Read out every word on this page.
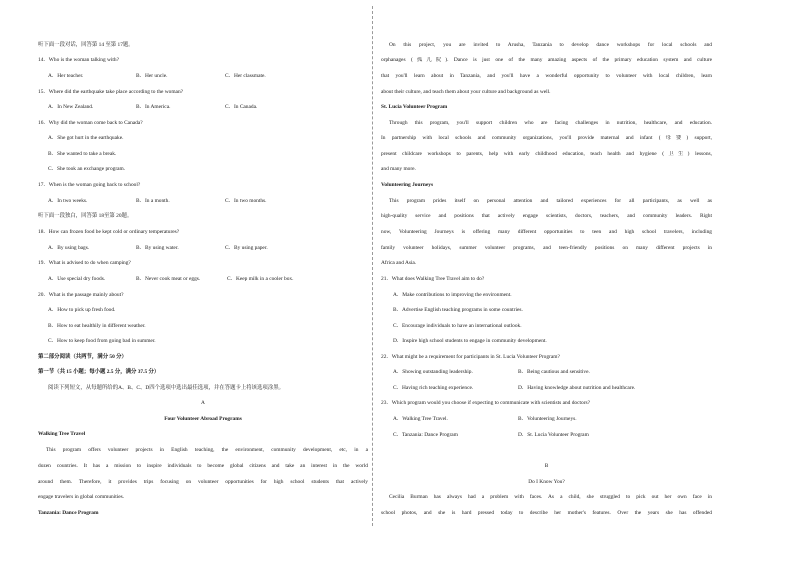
听下面一段对话，回答第 14 至第 17题。
14．Who is the woman talking with?
A．Her teacher.	B．Her uncle.	C．Her classmate.
15．Where did the earthquake take place according to the woman?
A．In New Zealand.	B．In America.	C．In Canada.
16．Why did the woman come back to Canada?
A．She got hurt in the earthquake.
B．She wanted to take a break.
C．She took an exchange program.
17．When is the woman going back to school?
A．In two weeks.	B．In a month.	C．In two months.
听下面一段独白，回答第 18至第 20题。
18．How can frozen food be kept cold or ordinary temperatures?
A．By using bags.	B．By using water.	C．By using paper.
19．What is advised to do when camping?
A．Use special dry foods.	B．Never cook meat or eggs.	C．Keep milk in a cooler box.
20．What is the passage mainly about?
A．How to pick up fresh food.
B．How to eat healthily in different weather.
C．How to keep food from going bad in summer.
第二部分阅读（共两节，满分 50 分）
第一节（共 15 小题；每小题 2.5 分，满分 37.5 分）
阅读下列短文，从每题所给的A、B、C、D四个选项中选出最佳选项，并在答题卡上将该选项涂黑。
A
Four Volunteer Abroad Programs
Walking Tree Travel
This program offers volunteer projects in English teaching, the environment, community development, etc, in a
dozen countries. It has a mission to inspire individuals to become global citizens and take an interest in the world
around them. Therefore, it provides trips focusing on volunteer opportunities for high school students that actively
engage travelers in global communities.
Tanzania: Dance Program
On this project, you are invited to Arusha, Tanzania to develop dance workshops for local schools and
orphanages (孤儿院). Dance is just one of the many amazing aspects of the primary education system and culture
that you'll learn about in Tanzania, and you'll have a wonderful opportunity to volunteer with local children, learn
about their culture, and teach them about your culture and background as well.
St. Lucia Volunteer Program
Through this program, you'll support children who are facing challenges in nutrition, healthcare, and education.
In partnership with local schools and community organizations, you'll provide maternal and infant (母婴) support,
present childcare workshops to parents, help with early childhood education, teach health and hygiene (卫生) lessons,
and many more.
Volunteering Journeys
This program prides itself on personal attention and tailored experiences for all participants, as well as
high-quality service and positions that actively engage scientists, doctors, teachers, and community leaders. Right
now, Volunteering Journeys is offering many different opportunities to teen and high school travelers, including
family volunteer holidays, summer volunteer programs, and teen-friendly positions on many different projects in
Africa and Asia.
21．What does Walking Tree Travel aim to do?
A．Make contributions to improving the environment.
B．Advertise English teaching programs in some countries.
C．Encourage individuals to have an international outlook.
D．Inspire high school students to engage in community development.
22．What might be a requirement for participants in St. Lucia Volunteer Program?
A．Showing outstanding leadership.	B．Being cautious and sensitive.
C．Having rich teaching experience.	D．Having knowledge about nutrition and healthcare.
23．Which program would you choose if expecting to communicate with scientists and doctors?
A．Walking Tree Travel.	B．Volunteering Journeys.
C．Tanzania: Dance Program	D．St. Lucia Volunteer Program
B
Do I Know You?
Cecilia Burman has always had a problem with faces. As a child, she struggled to pick out her own face in
school photos, and she is hard pressed today to describe her mother's features. Over the years she has offended
